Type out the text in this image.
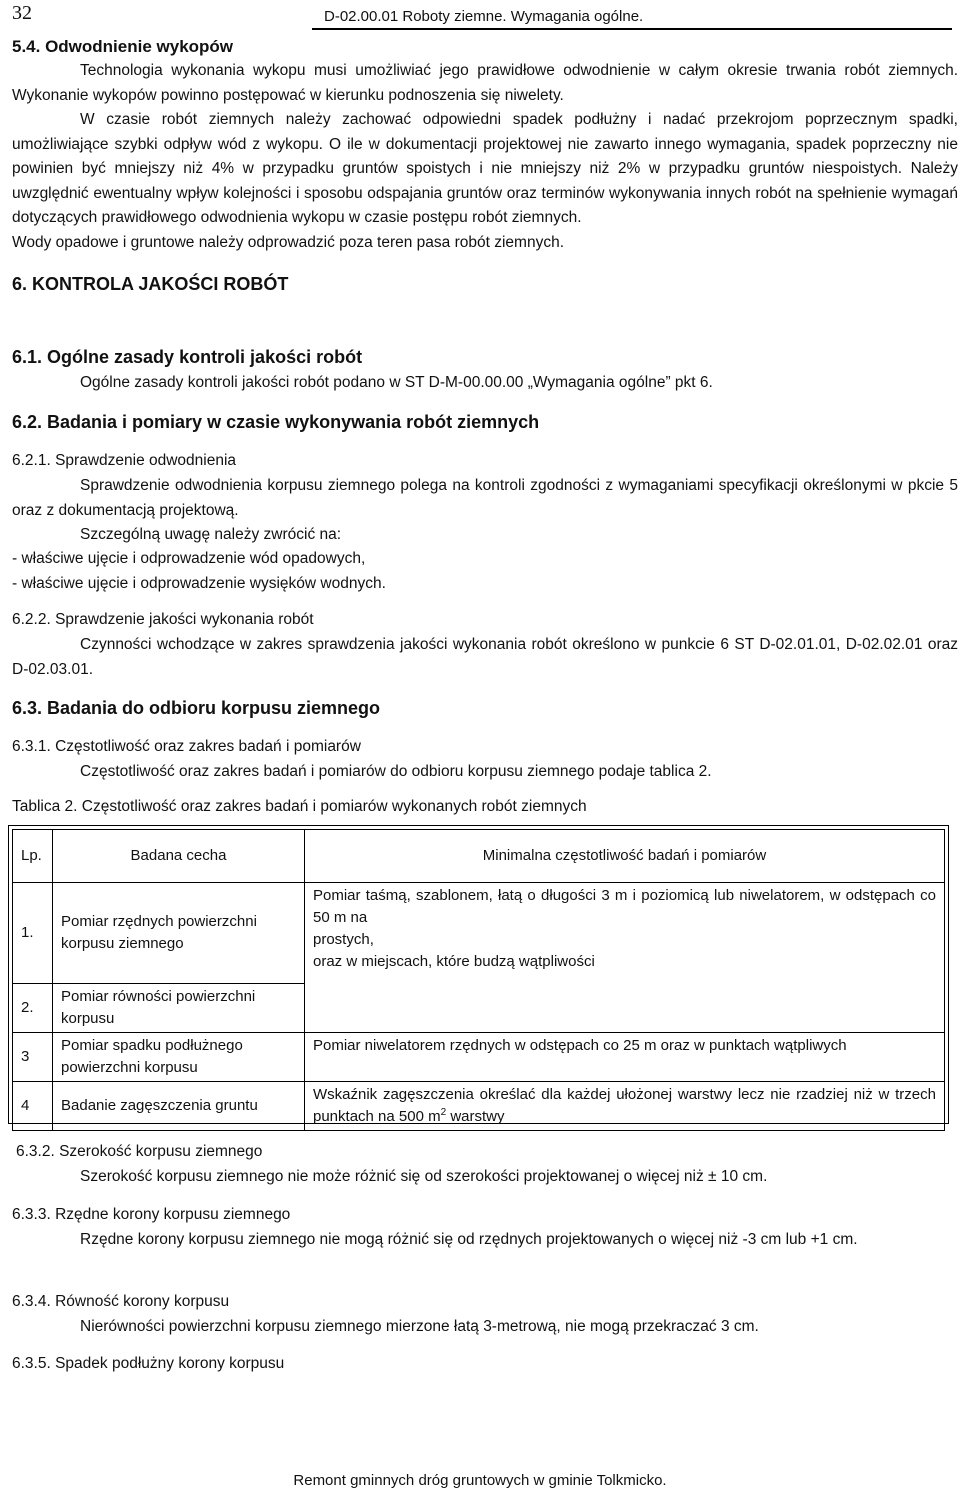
32	D-02.00.01 Roboty ziemne. Wymagania ogólne.
5.4. Odwodnienie wykopów

Technologia wykonania wykopu musi umożliwiać jego prawidłowe odwodnienie w całym okresie trwania robót ziemnych. Wykonanie wykopów powinno postępować w kierunku podnoszenia się niwelety.

W czasie robót ziemnych należy zachować odpowiedni spadek podłużny i nadać przekrojom poprzecznym spadki, umożliwiające szybki odpływ wód z wykopu. O ile w dokumentacji projektowej nie zawarto innego wymagania, spadek poprzeczny nie powinien być mniejszy niż 4% w przypadku gruntów spoistych i nie mniejszy niż 2% w przypadku gruntów niespoistych. Należy uwzględnić ewentualny wpływ kolejności i sposobu odspajania gruntów oraz terminów wykonywania innych robót na spełnienie wymagań dotyczących prawidłowego odwodnienia wykopu w czasie postępu robót ziemnych.

Wody opadowe i gruntowe należy odprowadzić poza teren pasa robót ziemnych.

6. KONTROLA JAKOŚCI ROBÓT
6.1. Ogólne zasady kontroli jakości robót

Ogólne zasady kontroli jakości robót podano w ST D-M-00.00.00 „Wymagania ogólne” pkt 6.

6.2. Badania i pomiary w czasie wykonywania robót ziemnych
6.2.1. Sprawdzenie odwodnienia

Sprawdzenie odwodnienia korpusu ziemnego polega na kontroli zgodności z wymaganiami specyfikacji określonymi w pkcie 5 oraz z dokumentacją projektową.

Szczególną uwagę należy zwrócić na:

- właściwe ujęcie i odprowadzenie wód opadowych,

- właściwe ujęcie i odprowadzenie wysięków wodnych.

6.2.2. Sprawdzenie jakości wykonania robót

Czynności wchodzące w zakres sprawdzenia jakości wykonania robót określono w punkcie 6 ST D-02.01.01, D-02.02.01 oraz D-02.03.01.

6.3. Badania do odbioru korpusu ziemnego
6.3.1. Częstotliwość oraz zakres badań i pomiarów

Częstotliwość oraz zakres badań i pomiarów do odbioru korpusu ziemnego podaje tablica 2.

Tablica 2. Częstotliwość oraz zakres badań i pomiarów wykonanych robót ziemnych

Lp.	Badana cecha	Minimalna częstotliwość badań i pomiarów
1.	Pomiar rzędnych powierzchni korpusu ziemnego	Pomiar taśmą, szablonem, łatą o długości 3 m i poziomicą lub niwelatorem, w odstępach co 50 m na
prostych,
oraz w miejscach, które budzą wątpliwości
2.	Pomiar równości powierzchni korpusu	
3	Pomiar spadku podłużnego powierzchni korpusu	Pomiar niwelatorem rzędnych w odstępach co 25 m oraz w punktach wątpliwych
4	Badanie zagęszczenia gruntu	Wskaźnik zagęszczenia określać dla każdej ułożonej warstwy lecz nie rzadziej niż w trzech punktach na 500 $m^2$ warstwy
6.3.2. Szerokość korpusu ziemnego

Szerokość korpusu ziemnego nie może różnić się od szerokości projektowanej o więcej niż ± 10 cm.

6.3.3. Rzędne korony korpusu ziemnego

Rzędne korony korpusu ziemnego nie mogą różnić się od rzędnych projektowanych o więcej niż -3 cm lub +1 cm.

6.3.4. Równość korony korpusu

Nierówności powierzchni korpusu ziemnego mierzone łatą 3-metrową, nie mogą przekraczać 3 cm.

6.3.5. Spadek podłużny korony korpusu
Remont gminnych dróg gruntowych w gminie Tolkmicko.
